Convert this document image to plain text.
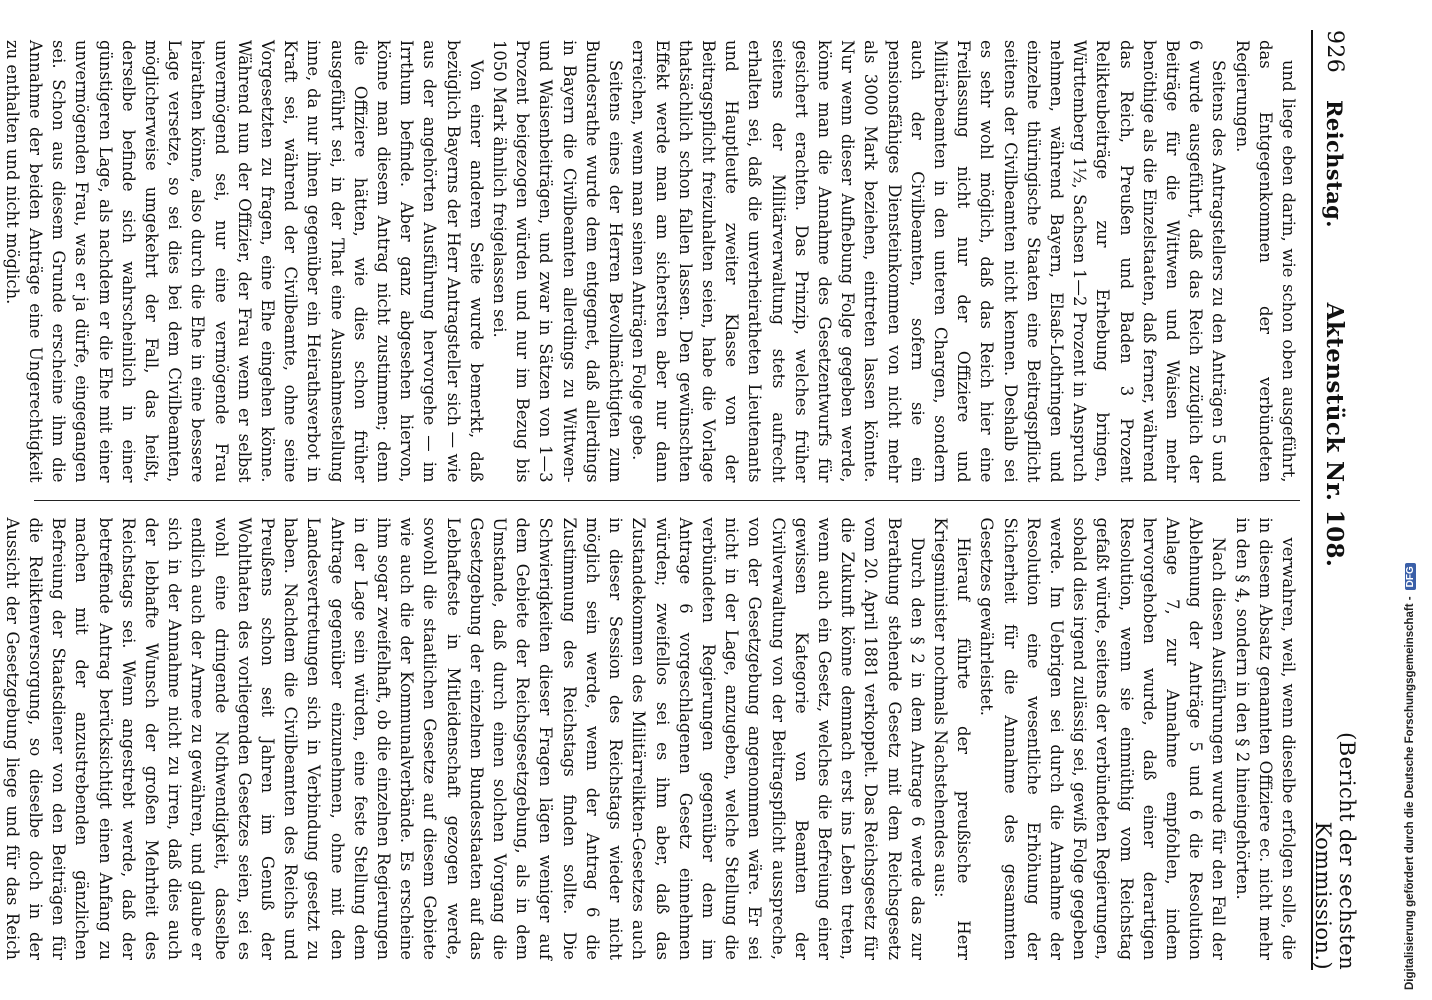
926
Reichstag.
Aktenstück Nr. 108.
(Bericht der sechsten Kommission.)

und liege eben darin, wie schon oben ausgeführt, das Entgegenkommen der verbündeten Regierungen.

Seitens des Antragstellers zu den Anträgen 5 und 6 wurde ausgeführt, daß das Reich zuzüglich der Beiträge für die Wittwen und Waisen mehr benöthige als die Einzelstaaten, daß ferner, während das Reich, Preußen und Baden 3 Prozent Relikteubeiträge zur Erhebung bringen, Württemberg 1½, Sachsen 1—2 Prozent in Anspruch nehmen, während Bayern, Elsaß-Lothringen und einzelne thüringische Staaten eine Beitragspflicht seitens der Civilbeamten nicht kennen. Deshalb sei es sehr wohl möglich, daß das Reich hier eine Freilassung nicht nur der Offiziere und Militärbeamten in den unteren Chargen, sondern auch der Civilbeamten, sofern sie ein pensionsfähiges Diensteinkommen von nicht mehr als 3000 Mark beziehen, eintreten lassen könnte. Nur wenn dieser Aufhebung Folge gegeben werde, könne man die Annahme des Gesetzentwurfs für gesichert erachten. Das Prinzip, welches früher seitens der Militärverwaltung stets aufrecht erhalten sei, daß die unverheiratheten Lieutenants und Hauptleute zweiter Klasse von der Beitragspflicht freizuhalten seien, habe die Vorlage thatsächlich schon fallen lassen. Den gewünschten Effekt werde man am sichersten aber nur dann erreichen, wenn man seinen Anträgen Folge gebe.

Seitens eines der Herren Bevollmächtigten zum Bundesrathe wurde dem entgegnet, daß allerdings in Bayern die Civilbeamten allerdings zu Wittwen- und Waisenbeiträgen, und zwar in Sätzen von 1—3 Prozent beigezogen würden und nur im Bezug bis 1050 Mark ähnlich freigelassen sei.

Von einer anderen Seite wurde bemerkt, daß bezüglich Bayerns der Herr Antragsteller sich — wie aus der angehörten Ausführung hervorgehe — im Irrthum befinde. Aber ganz abgesehen hiervon, könne man diesem Antrag nicht zustimmen; denn die Offiziere hätten, wie dies schon früher ausgeführt sei, in der That eine Ausnahmestellung inne, da nur ihnen gegenüber ein Heirathsverbot in Kraft sei, während der Civilbeamte, ohne seine Vorgesetzten zu fragen, eine Ehe eingehen könne. Während nun der Offizier, der Frau wenn er selbst unvermögend sei, nur eine vermögende Frau heirathen könne, also durch die Ehe in eine bessere Lage versetze, so sei dies bei dem Civilbeamten, möglicherweise umgekehrt der Fall, das heißt, derselbe befinde sich wahrscheinlich in einer günstigeren Lage, als nachdem er die Ehe mit einer unvermögenden Frau, was er ja dürfe, eingegangen sei. Schon aus diesem Grunde erscheine ihm die Annahme der beiden Anträge eine Ungerechtigkeit zu enthalten und nicht möglich.

verwahren, weil, wenn dieselbe erfolgen solle, die in diesem Absatz genannten Offiziere ec. nicht mehr in den § 4, sondern in den § 2 hineingehörten.

Nach diesen Ausführungen wurde für den Fall der Ablehnung der Anträge 5 und 6 die Resolution Anlage 7, zur Annahme empfohlen, indem hervorgehoben wurde, daß einer derartigen Resolution, wenn sie einmüthig vom Reichstag gefaßt würde, seitens der verbündeten Regierungen, sobald dies irgend zulässig sei, gewiß Folge gegeben werde. Im Uebrigen sei durch die Annahme der Resolution eine wesentliche Erhöhung der Sicherheit für die Annahme des gesammten Gesetzes gewährleistet.

Hierauf führte der preußische Herr Kriegsminister nochmals Nachstehendes aus:

Durch den § 2 in dem Antrage 6 werde das zur Berathung stehende Gesetz mit dem Reichsgesetz vom 20. April 1881 verkoppelt. Das Reichsgesetz für die Zukunft könne demnach erst ins Leben treten, wenn auch ein Gesetz, welches die Befreiung einer gewissen Kategorie von Beamten der Civilverwaltung von der Beitragspflicht ausspreche, von der Gesetzgebung angenommen wäre. Er sei nicht in der Lage, anzugeben, welche Stellung die verbündeten Regierungen gegenüber dem im Antrage 6 vorgeschlagenen Gesetz einnehmen würden; zweifellos sei es ihm aber, daß das Zustandekommen des Militärrelikten-Gesetzes auch in dieser Session des Reichstags wieder nicht möglich sein werde, wenn der Antrag 6 die Zustimmung des Reichstags finden sollte. Die Schwierigkeiten dieser Fragen lägen weniger auf dem Gebiete der Reichsgesetzgebung, als in dem Umstande, daß durch einen solchen Vorgang die Gesetzgebung der einzelnen Bundesstaaten auf das Lebhafteste in Mitleidenschaft gezogen werde, sowohl die staatlichen Gesetze auf diesem Gebiete wie auch die der Kommunalverbände. Es erscheine ihm sogar zweifelhaft, ob die einzelnen Regierungen in der Lage sein würden, eine feste Stellung dem Antrage gegenüber einzunehmen, ohne mit den Landesvertretungen sich in Verbindung gesetzt zu haben. Nachdem die Civilbeamten des Reichs und Preußens schon seit Jahren im Genuß der Wohlthaten des vorliegenden Gesetzes seien, sei es wohl eine dringende Nothwendigkeit, dasselbe endlich auch der Armee zu gewähren, und glaube er sich in der Annahme nicht zu irren, daß dies auch der lebhafte Wunsch der großen Mehrheit des Reichstags sei. Wenn angestrebt werde, daß der betreffende Antrag berücksichtigt einen Anfang zu machen mit der anzustrebenden gänzlichen Befreiung der Staatsdiener von den Beiträgen für die Reliktenversorgung, so dieselbe doch in der Aussicht der Gesetzgebung liege und für das Reich	Digitalisierung gefördert durch die Deutsche Forschungsgemeinschaft -
DFG
